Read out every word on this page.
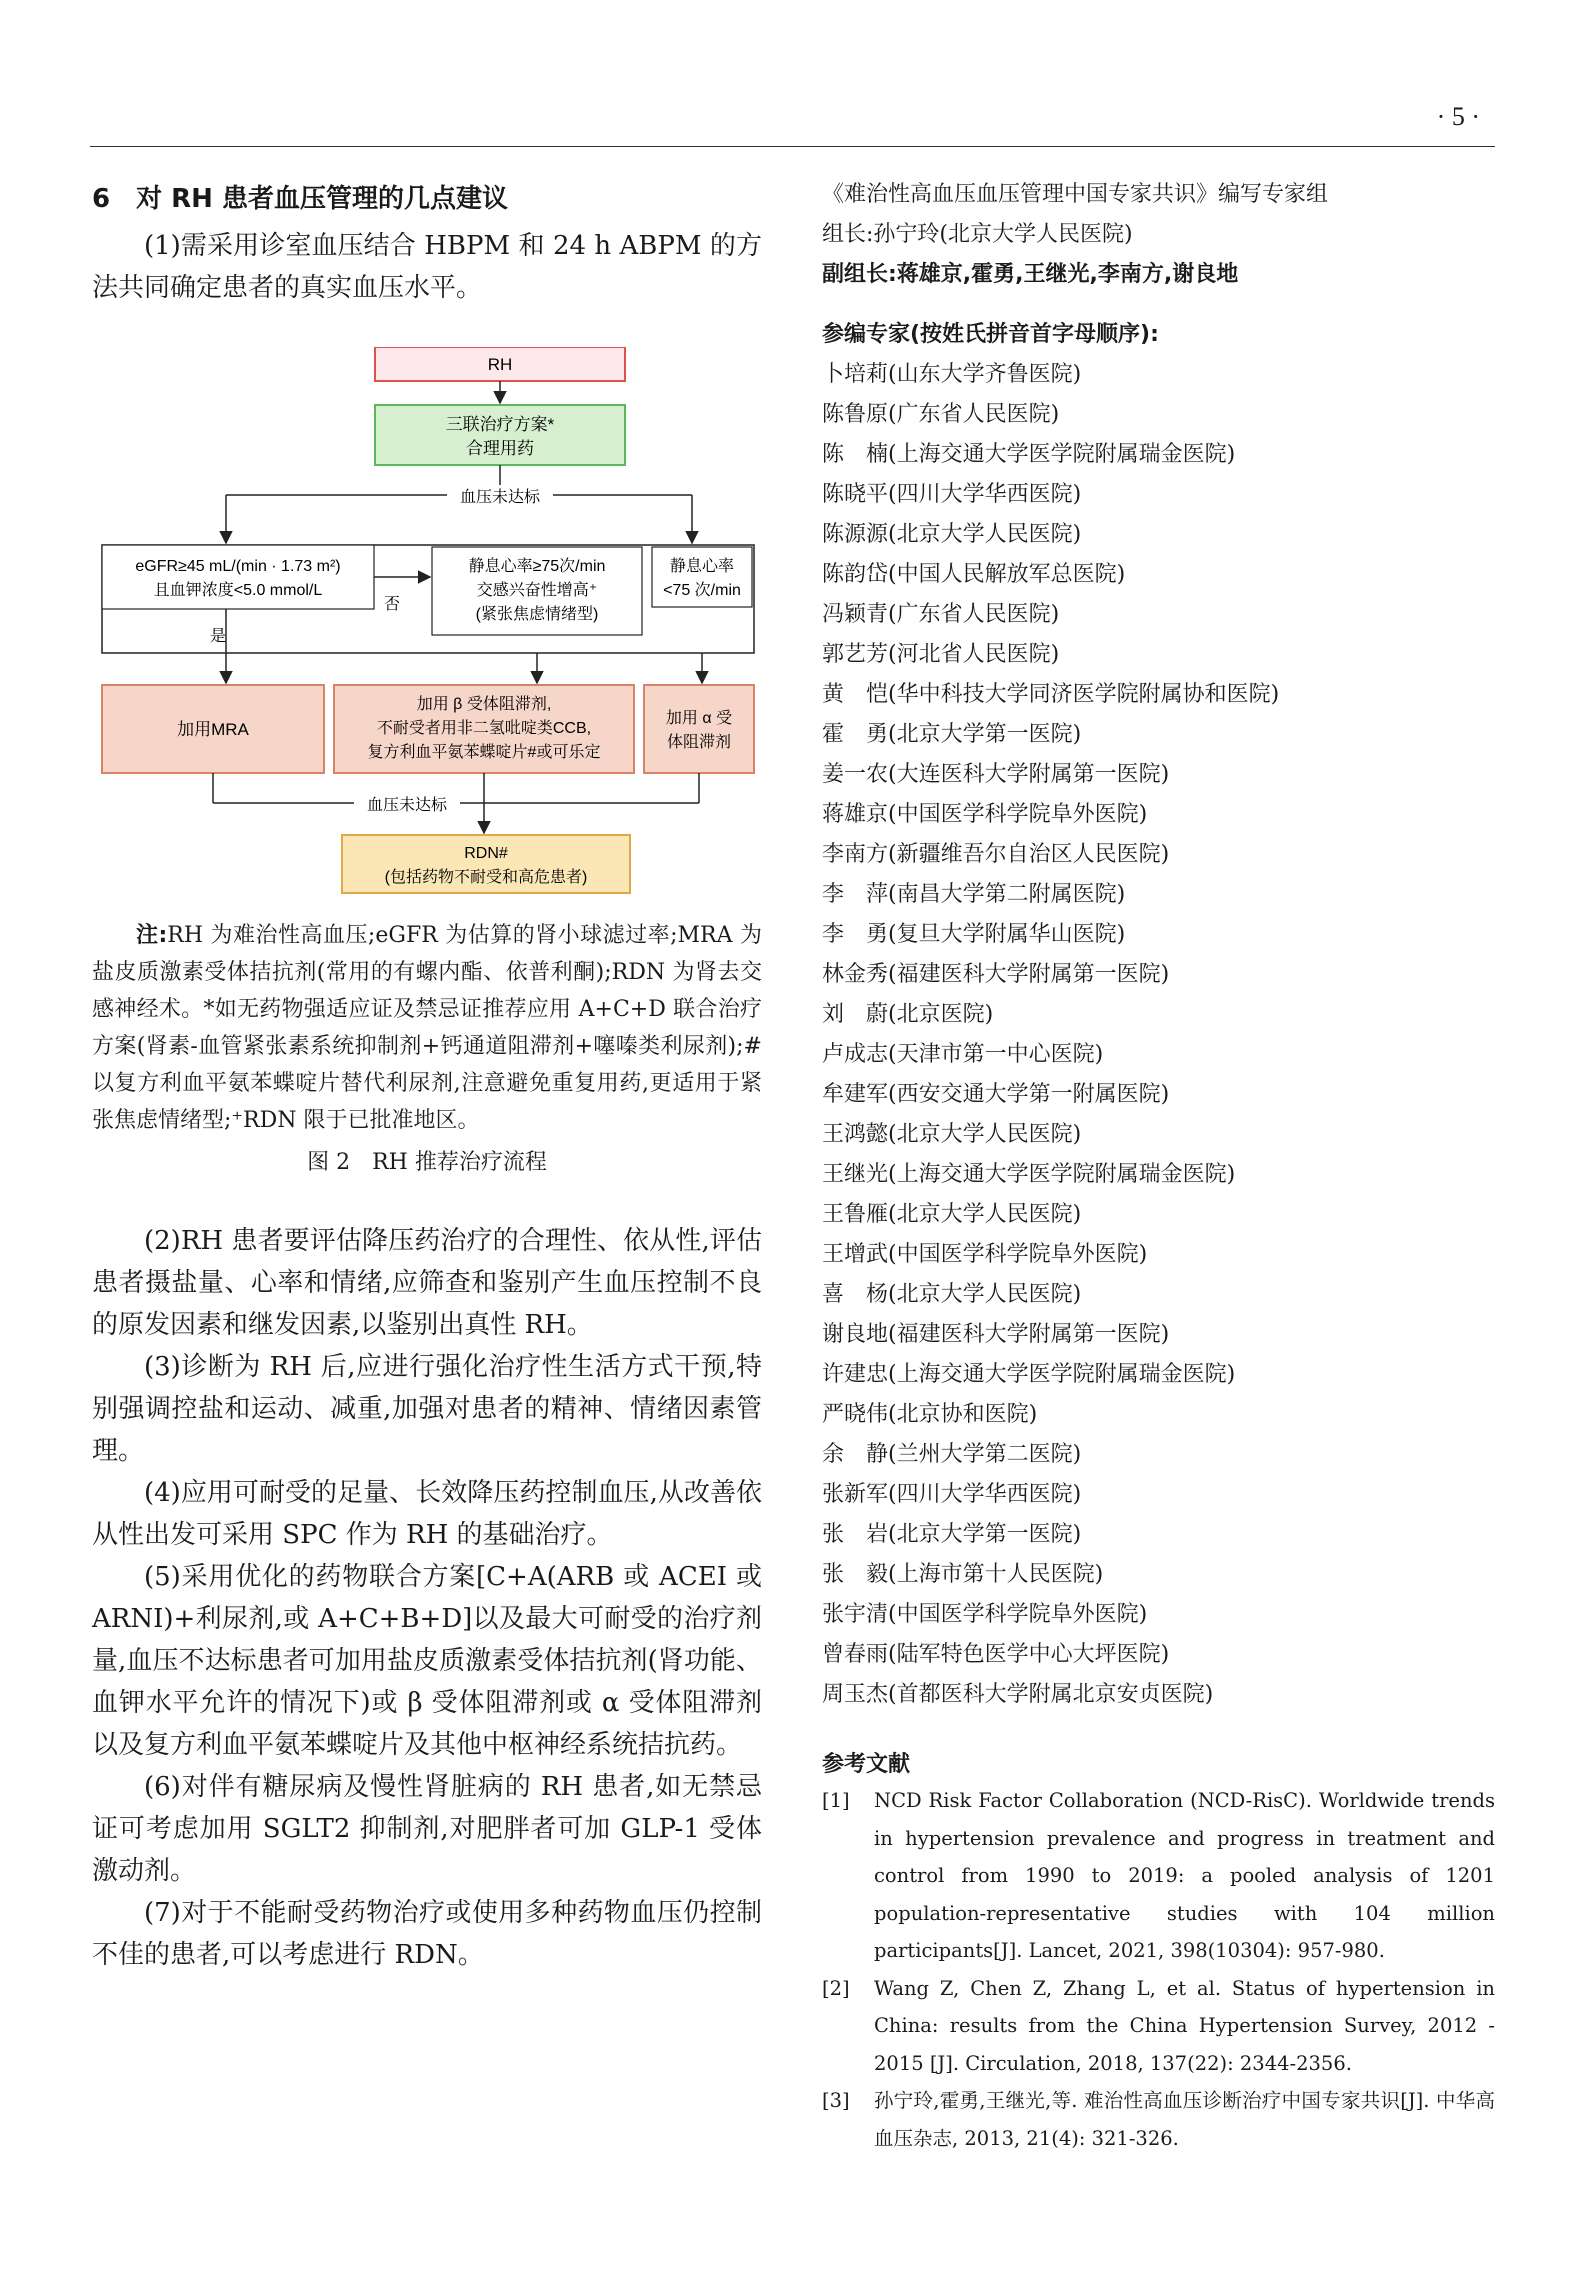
· 5 ·
6　对 RH 患者血压管理的几点建议

(1)需采用诊室血压结合 HBPM 和 24 h ABPM 的方法共同确定患者的真实血压水平。

RH
三联治疗方案*
合理用药
血压未达标
eGFR≥45 mL/(min · 1.73 m²)
且血钾浓度<5.0 mmol/L
否
静息心率≥75次/min
交感兴奋性增高⁺
(紧张焦虑情绪型)
静息心率
<75 次/min
是
加用MRA
加用 β 受体阻滞剂,
不耐受者用非二氢吡啶类CCB,
复方利血平氨苯蝶啶片#或可乐定
加用 α 受
体阻滞剂
血压未达标
RDN#
(包括药物不耐受和高危患者)

注:RH 为难治性高血压;eGFR 为估算的肾小球滤过率;MRA 为盐皮质激素受体拮抗剂(常用的有螺内酯、依普利酮);RDN 为肾去交感神经术。*如无药物强适应证及禁忌证推荐应用 A+C+D 联合治疗方案(肾素-血管紧张素系统抑制剂+钙通道阻滞剂+噻嗪类利尿剂);#以复方利血平氨苯蝶啶片替代利尿剂,注意避免重复用药,更适用于紧张焦虑情绪型;⁺RDN 限于已批准地区。

图 2　RH 推荐治疗流程

(2)RH 患者要评估降压药治疗的合理性、依从性,评估患者摄盐量、心率和情绪,应筛查和鉴别产生血压控制不良的原发因素和继发因素,以鉴别出真性 RH。

(3)诊断为 RH 后,应进行强化治疗性生活方式干预,特别强调控盐和运动、减重,加强对患者的精神、情绪因素管理。

(4)应用可耐受的足量、长效降压药控制血压,从改善依从性出发可采用 SPC 作为 RH 的基础治疗。

(5)采用优化的药物联合方案[C+A(ARB 或 ACEI 或 ARNI)+利尿剂,或 A+C+B+D]以及最大可耐受的治疗剂量,血压不达标患者可加用盐皮质激素受体拮抗剂(肾功能、血钾水平允许的情况下)或 β 受体阻滞剂或 α 受体阻滞剂以及复方利血平氨苯蝶啶片及其他中枢神经系统拮抗药。

(6)对伴有糖尿病及慢性肾脏病的 RH 患者,如无禁忌证可考虑加用 SGLT2 抑制剂,对肥胖者可加 GLP-1 受体激动剂。

(7)对于不能耐受药物治疗或使用多种药物血压仍控制不佳的患者,可以考虑进行 RDN。

《难治性高血压血压管理中国专家共识》编写专家组

组长:孙宁玲(北京大学人民医院)

副组长:蒋雄京,霍勇,王继光,李南方,谢良地

参编专家(按姓氏拼音首字母顺序):

卜培莉(山东大学齐鲁医院)

陈鲁原(广东省人民医院)

陈　楠(上海交通大学医学院附属瑞金医院)

陈晓平(四川大学华西医院)

陈源源(北京大学人民医院)

陈韵岱(中国人民解放军总医院)

冯颖青(广东省人民医院)

郭艺芳(河北省人民医院)

黄　恺(华中科技大学同济医学院附属协和医院)

霍　勇(北京大学第一医院)

姜一农(大连医科大学附属第一医院)

蒋雄京(中国医学科学院阜外医院)

李南方(新疆维吾尔自治区人民医院)

李　萍(南昌大学第二附属医院)

李　勇(复旦大学附属华山医院)

林金秀(福建医科大学附属第一医院)

刘　蔚(北京医院)

卢成志(天津市第一中心医院)

牟建军(西安交通大学第一附属医院)

王鸿懿(北京大学人民医院)

王继光(上海交通大学医学院附属瑞金医院)

王鲁雁(北京大学人民医院)

王增武(中国医学科学院阜外医院)

喜　杨(北京大学人民医院)

谢良地(福建医科大学附属第一医院)

许建忠(上海交通大学医学院附属瑞金医院)

严晓伟(北京协和医院)

余　静(兰州大学第二医院)

张新军(四川大学华西医院)

张　岩(北京大学第一医院)

张　毅(上海市第十人民医院)

张宇清(中国医学科学院阜外医院)

曾春雨(陆军特色医学中心大坪医院)

周玉杰(首都医科大学附属北京安贞医院)

参考文献

[1] NCD Risk Factor Collaboration (NCD-RisC). Worldwide trends in hypertension prevalence and progress in treatment and control from 1990 to 2019: a pooled analysis of 1201 population-representative studies with 104 million participants[J]. Lancet, 2021, 398(10304): 957-980.

[2] Wang Z, Chen Z, Zhang L, et al. Status of hypertension in China: results from the China Hypertension Survey, 2012 - 2015 [J]. Circulation, 2018, 137(22): 2344-2356.

[3] 孙宁玲,霍勇,王继光,等. 难治性高血压诊断治疗中国专家共识[J]. 中华高血压杂志, 2013, 21(4): 321-326.
